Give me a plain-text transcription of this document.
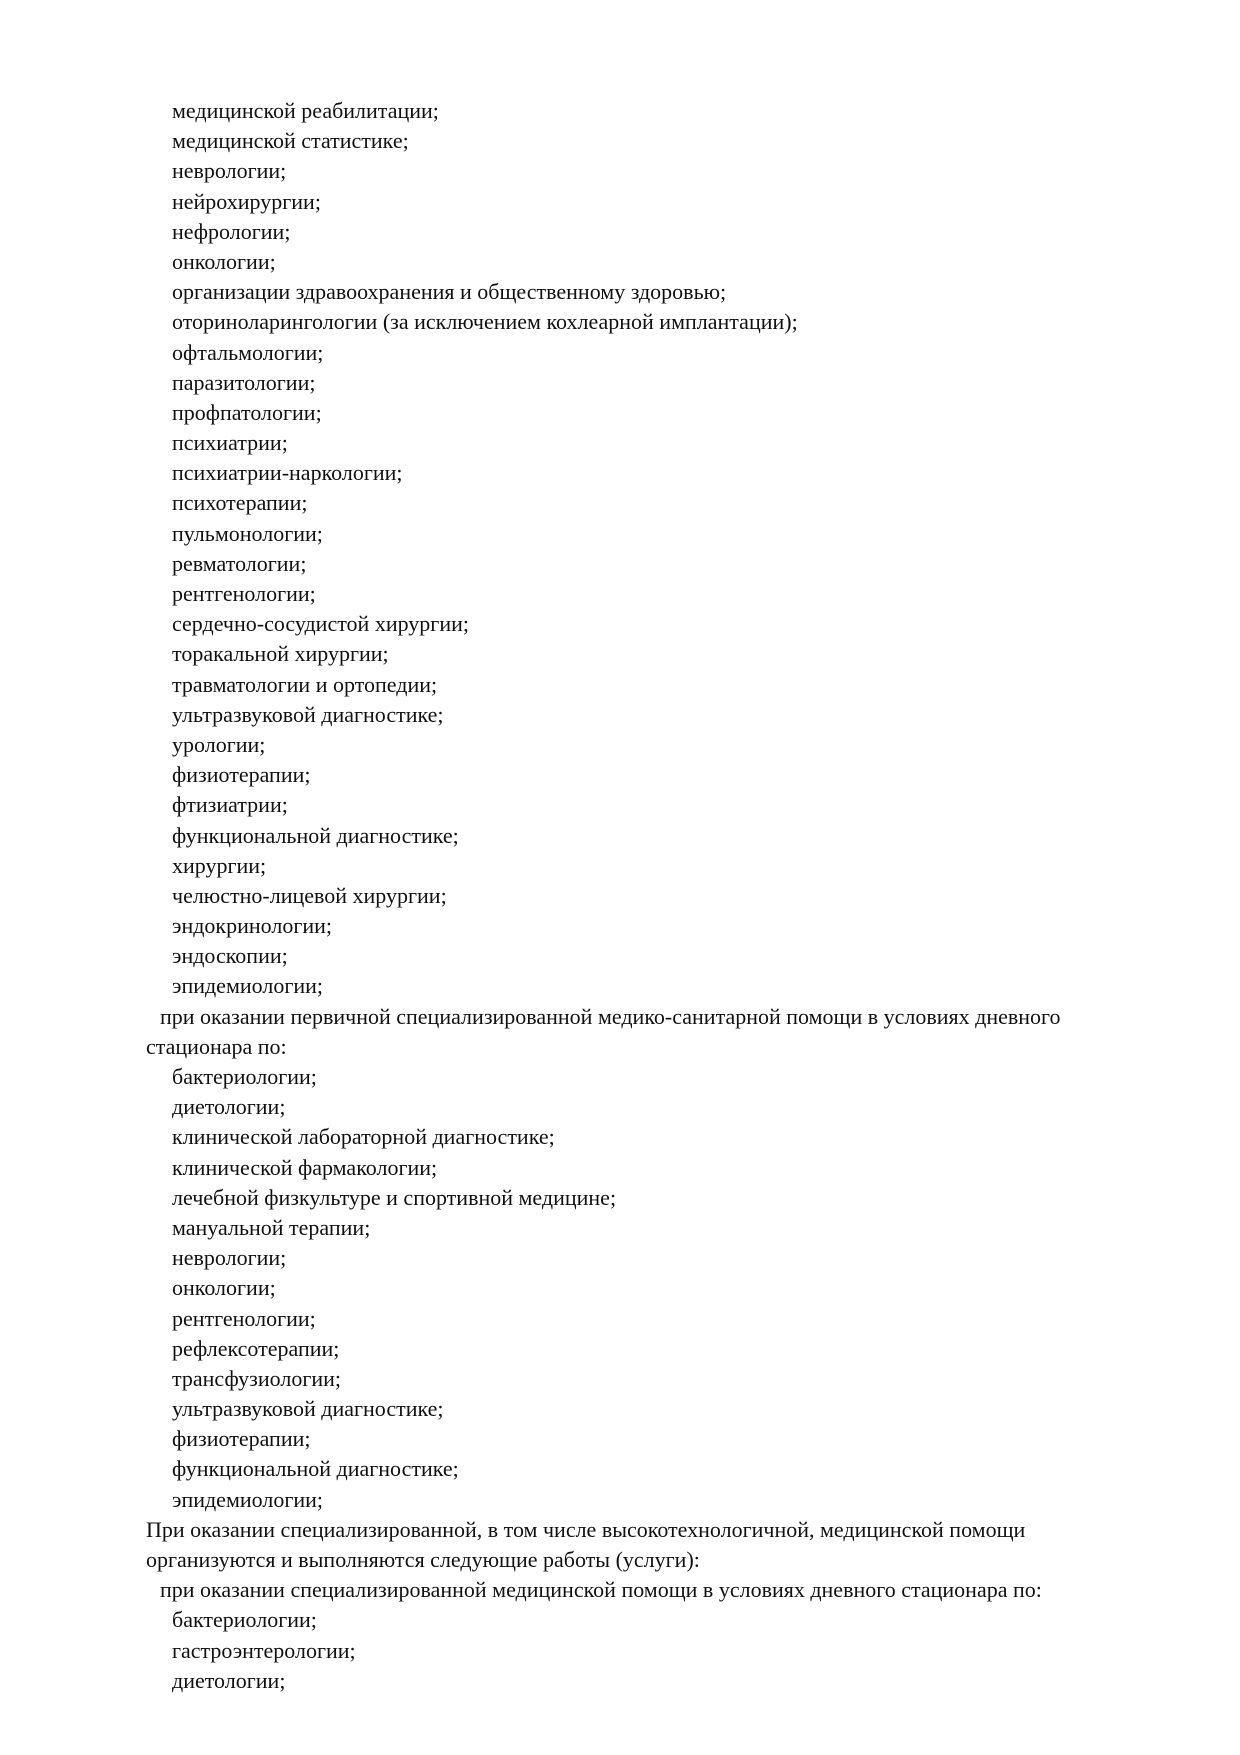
медицинской реабилитации;
медицинской статистике;
неврологии;
нейрохирургии;
нефрологии;
онкологии;
организации здравоохранения и общественному здоровью;
оториноларингологии (за исключением кохлеарной имплантации);
офтальмологии;
паразитологии;
профпатологии;
психиатрии;
психиатрии-наркологии;
психотерапии;
пульмонологии;
ревматологии;
рентгенологии;
сердечно-сосудистой хирургии;
торакальной хирургии;
травматологии и ортопедии;
ультразвуковой диагностике;
урологии;
физиотерапии;
фтизиатрии;
функциональной диагностике;
хирургии;
челюстно-лицевой хирургии;
эндокринологии;
эндоскопии;
эпидемиологии;
при оказании первичной специализированной медико-санитарной помощи в условиях дневного
стационара по:
бактериологии;
диетологии;
клинической лабораторной диагностике;
клинической фармакологии;
лечебной физкультуре и спортивной медицине;
мануальной терапии;
неврологии;
онкологии;
рентгенологии;
рефлексотерапии;
трансфузиологии;
ультразвуковой диагностике;
физиотерапии;
функциональной диагностике;
эпидемиологии;
При оказании специализированной, в том числе высокотехнологичной, медицинской помощи
организуются и выполняются следующие работы (услуги):
при оказании специализированной медицинской помощи в условиях дневного стационара по:
бактериологии;
гастроэнтерологии;
диетологии;
